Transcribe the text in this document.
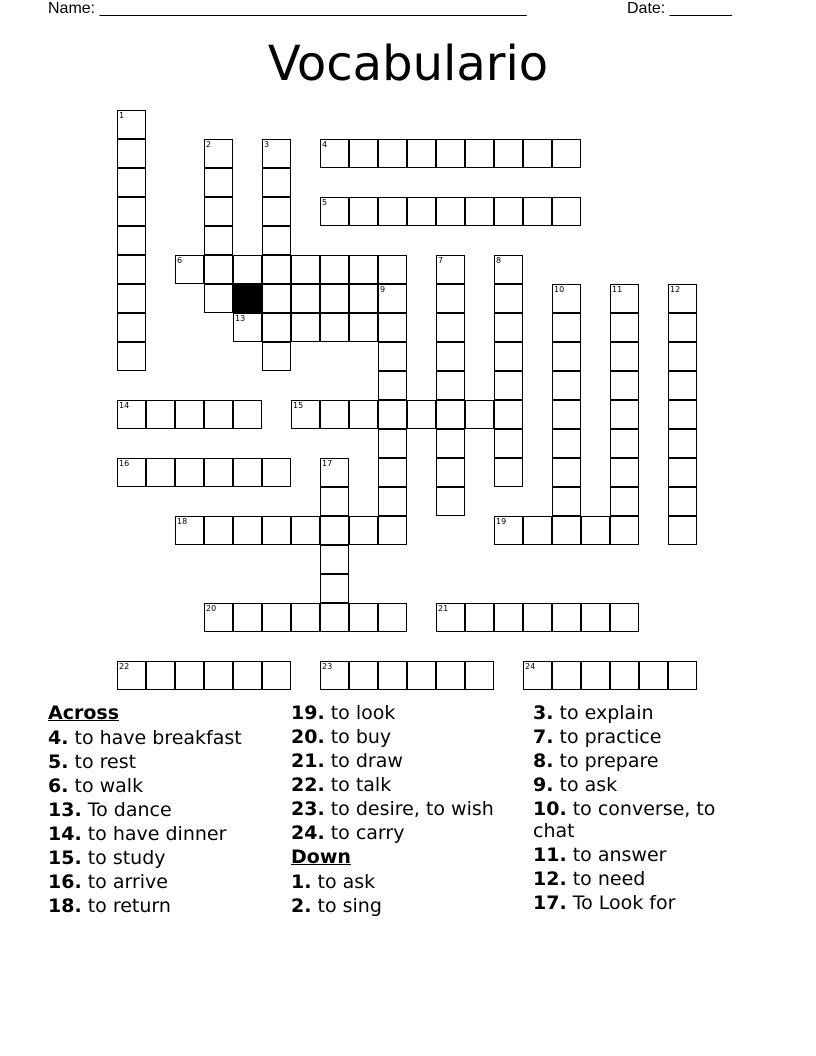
Name: ________________________________________________	Date: _______
Vocabulario
1
2	3	4
5
6	7	8
9	10	11	12
13
14	15
16	17
18	19
20	21
22	23	24
Across
4. to have breakfast
5. to rest
6. to walk
13. To dance
14. to have dinner
15. to study
16. to arrive
18. to return
19. to look
20. to buy
21. to draw
22. to talk
23. to desire, to wish
24. to carry
Down
1. to ask
2. to sing
3. to explain
7. to practice
8. to prepare
9. to ask
10. to converse, to chat
11. to answer
12. to need
17. To Look for
